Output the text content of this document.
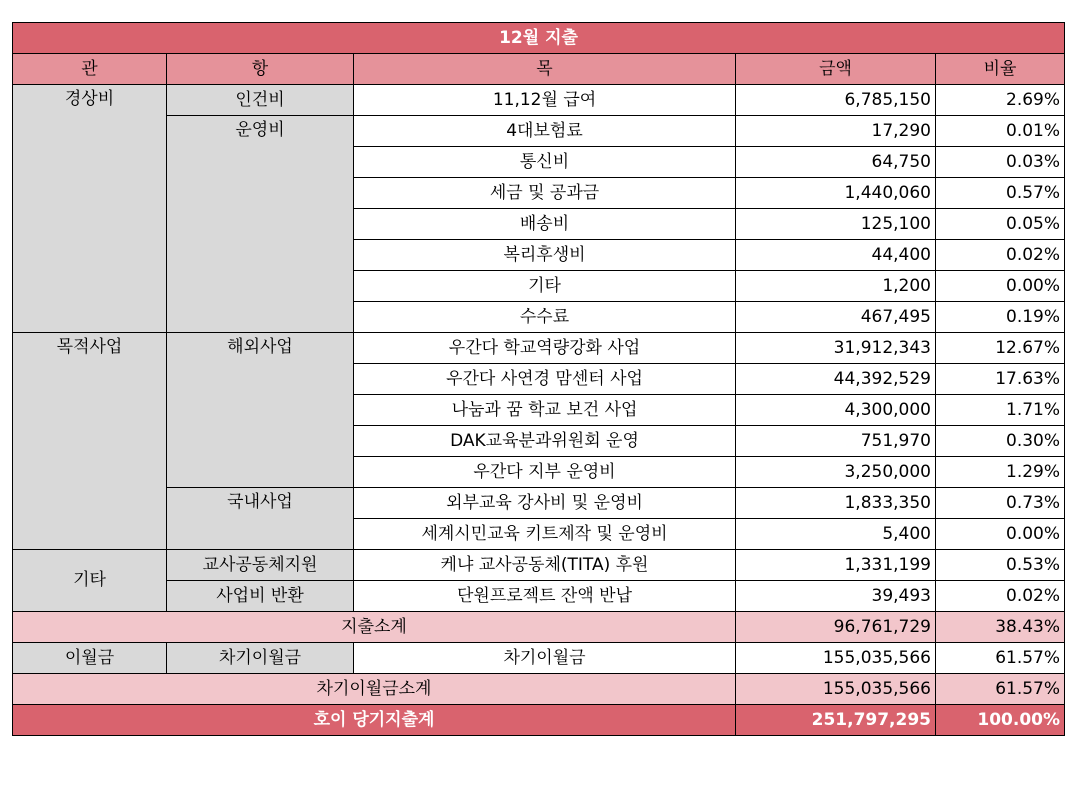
12월 지출				
관	항	목	금액	비율
경상비	인건비	11,12월 급여	6,785,150	2.69%
	운영비	4대보험료	17,290	0.01%
		통신비	64,750	0.03%
		세금 및 공과금	1,440,060	0.57%
		배송비	125,100	0.05%
		복리후생비	44,400	0.02%
		기타	1,200	0.00%
		수수료	467,495	0.19%
목적사업	해외사업	우간다 학교역량강화 사업	31,912,343	12.67%
		우간다 사연경 맘센터 사업	44,392,529	17.63%
		나눔과 꿈 학교 보건 사업	4,300,000	1.71%
		DAK교육분과위원회 운영	751,970	0.30%
		우간다 지부 운영비	3,250,000	1.29%
	국내사업	외부교육 강사비 및 운영비	1,833,350	0.73%
		세계시민교육 키트제작 및 운영비	5,400	0.00%
기타	교사공동체지원	케냐 교사공동체(TITA) 후원	1,331,199	0.53%
	사업비 반환	단원프로젝트 잔액 반납	39,493	0.02%
지출소계			96,761,729	38.43%
이월금	차기이월금	차기이월금	155,035,566	61.57%
차기이월금소계			155,035,566	61.57%
호이 당기지출계			251,797,295	100.00%
